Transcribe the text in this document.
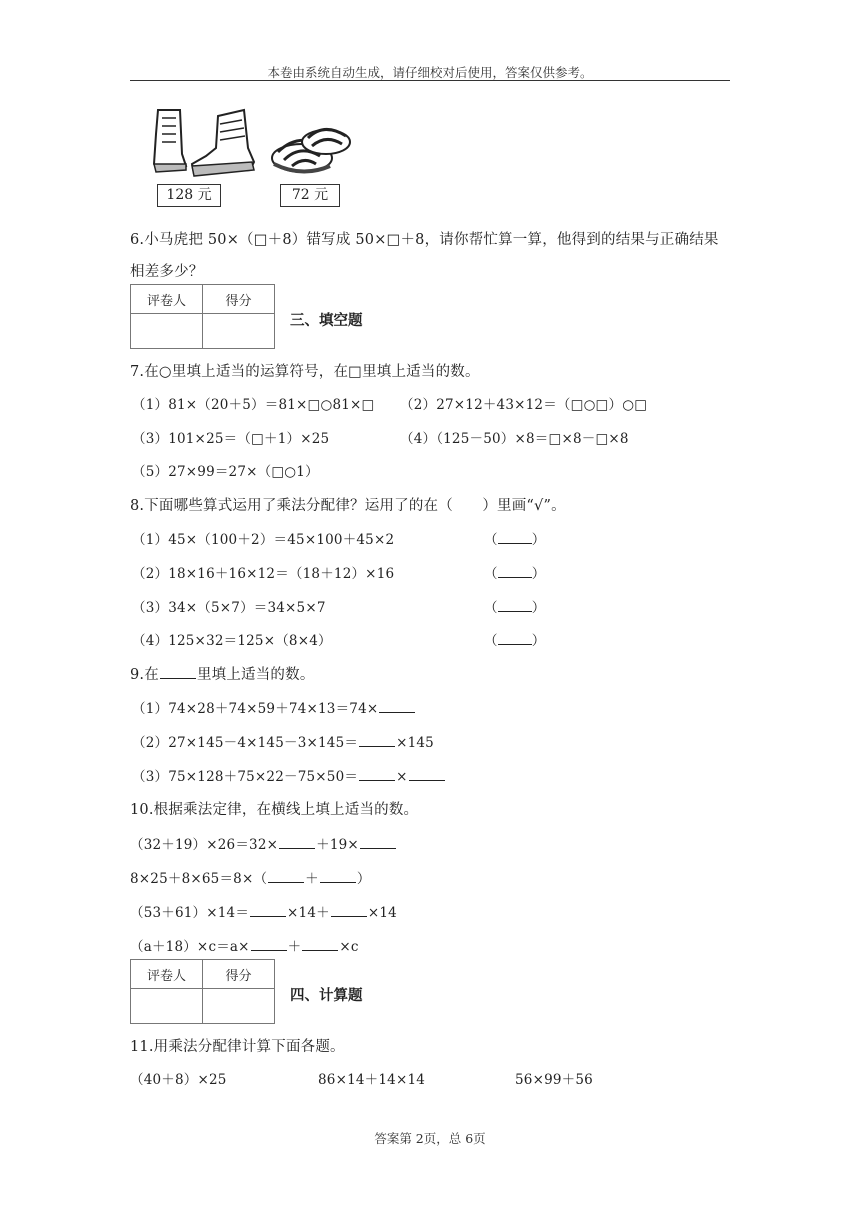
本卷由系统自动生成，请仔细校对后使用，答案仅供参考。
128 元	72 元
6.小马虎把 50×（□＋8）错写成 50×□＋8，请你帮忙算一算，他得到的结果与正确结果
相差多少？
评卷人	得分

三、填空题
7.在○里填上适当的运算符号，在□里填上适当的数。
（1）81×（20＋5）＝81×□○81×□ （2）27×12＋43×12＝（□○□）○□
（3）101×25＝（□＋1）×25	（4）（125－50）×8＝□×8－□×8
（5）27×99＝27×（□○1）
8.下面哪些算式运用了乘法分配律？运用了的在（　　）里画“√”。
（1）45×（100＋2）＝45×100＋45×2	（	）
（2）18×16＋16×12＝（18＋12）×16	（	）
（3）34×（5×7）＝34×5×7	（	）
（4）125×32＝125×（8×4）	（	）
9.在	里填上适当的数。
（1）74×28＋74×59＋74×13＝74×
（2）27×145－4×145－3×145＝	×145
（3）75×128＋75×22－75×50＝	×
10.根据乘法定律，在横线上填上适当的数。
（32＋19）×26＝32×	＋19×
8×25＋8×65＝8×（	＋	）
（53＋61）×14＝	×14＋	×14
（a＋18）×c＝a×	＋	×c
评卷人	得分

四、计算题
11.用乘法分配律计算下面各题。
（40＋8）×25	86×14＋14×14	56×99＋56
答案第 2页，总 6页
